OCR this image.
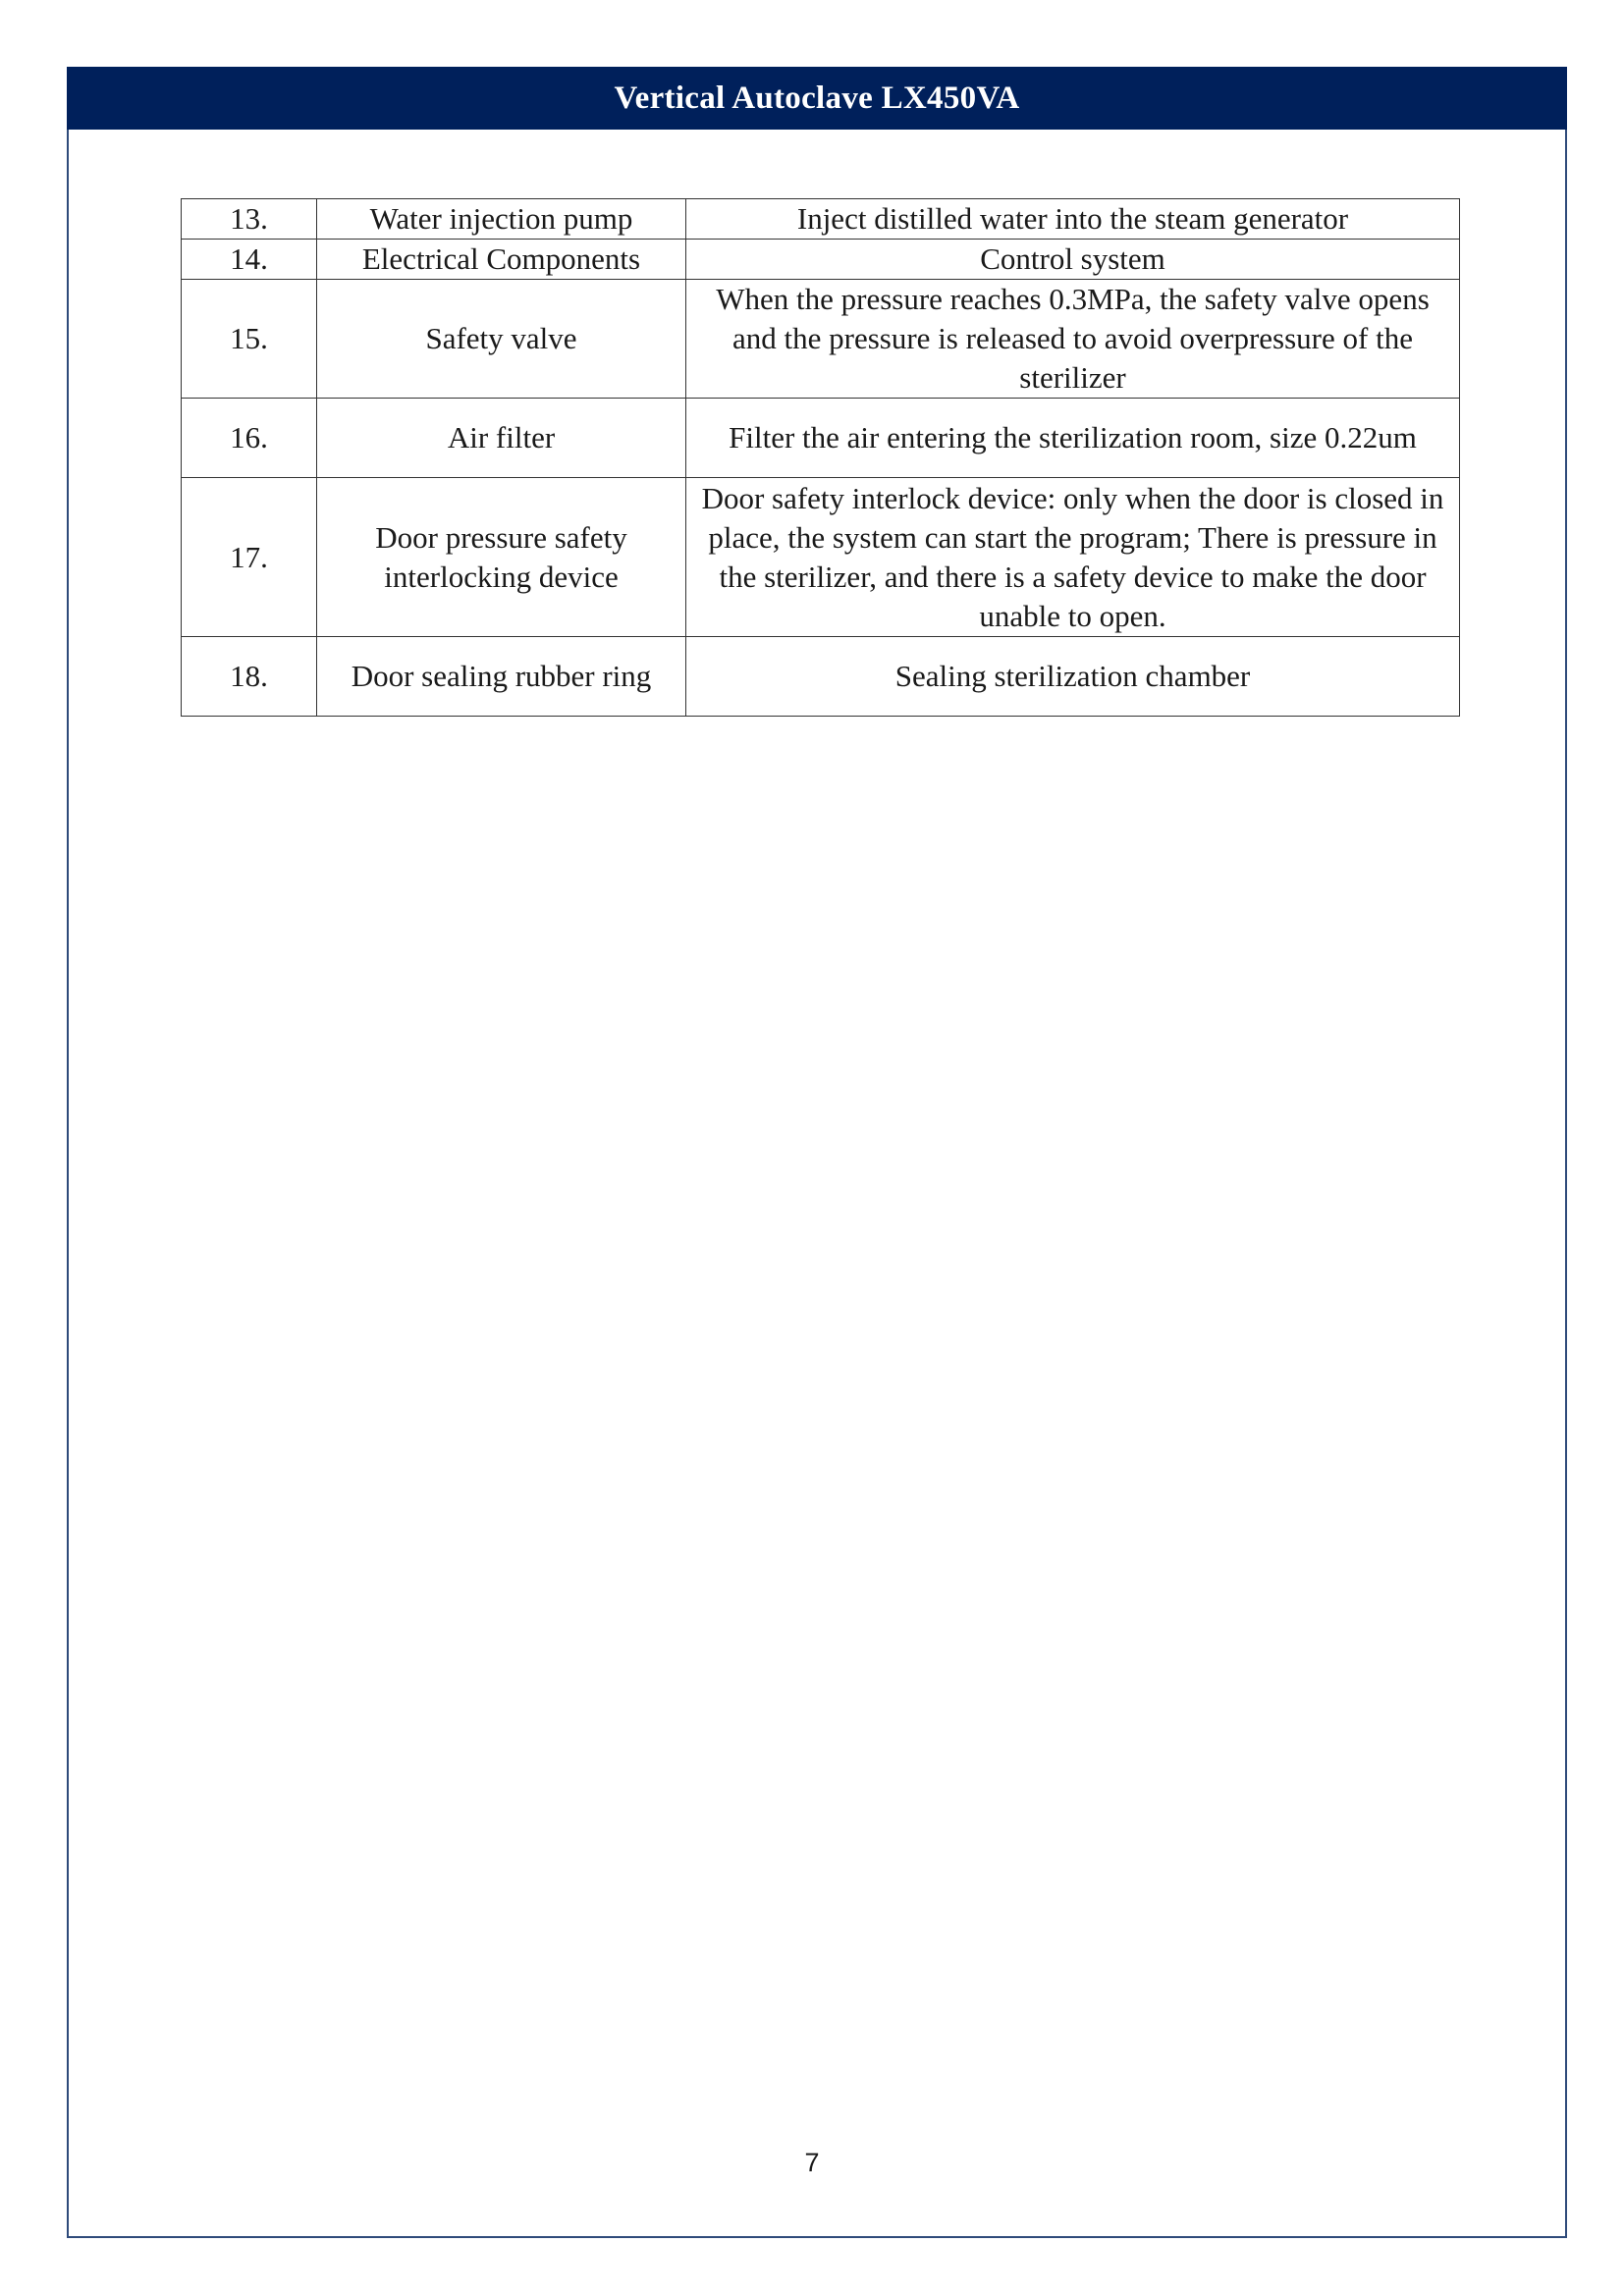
Vertical Autoclave LX450VA
13.	Water injection pump	Inject distilled water into the steam generator
14.	Electrical Components	Control system
15.	Safety valve	When the pressure reaches 0.3MPa, the safety valve opens and the pressure is released to avoid overpressure of the sterilizer
16.	Air filter	Filter the air entering the sterilization room, size 0.22um
17.	Door pressure safety interlocking device	Door safety interlock device: only when the door is closed in place, the system can start the program; There is pressure in the sterilizer, and there is a safety device to make the door unable to open.
18.	Door sealing rubber ring	Sealing sterilization chamber
7
